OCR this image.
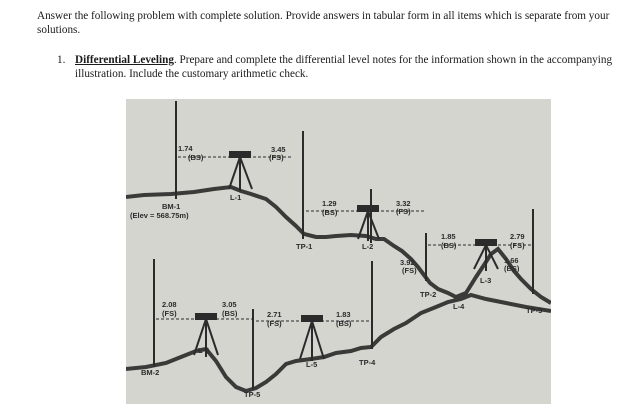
Answer the following problem with complete solution. Provide answers in tabular form in all items which is separate from your solutions.

1. Differential Leveling. Prepare and complete the differential level notes for the information shown in the accompanying illustration. Include the customary arithmetic check.
1.74
(BS)
3.45
(FS)
L-1
BM-1
(Elev = 568.75m)
1.29
(BS)
3.32
(FS)
TP-1	L-2
1.85
(BS)
3.92
(FS)
2.79
(FS)
1.66
(BS)
TP-2
L-3
TP-3
L-4
2.08
(FS)
3.05
(BS)
L-6
BM-2
2.71
(FS)
1.83
(BS)
L-5
TP-5
TP-4
